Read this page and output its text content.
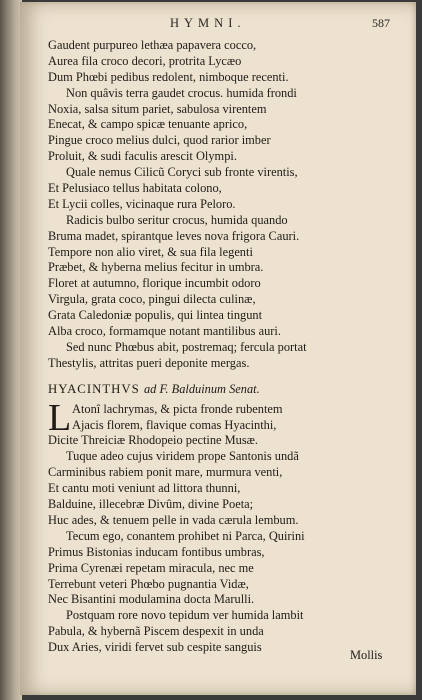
HYMNI.	587
Gaudent purpureo lethæa papavera cocco,
Aurea fila croco decori, protrita Lycæo
Dum Phœbi pedibus redolent, nimboque recenti.
Non quâvis terra gaudet crocus. humida frondi
Noxia, salsa situm pariet, sabulosa virentem
Enecat, & campo spicæ tenuante aprico,
Pingue croco melius dulci, quod rarior imber
Proluit, & sudi faculis arescit Olympi.
Quale nemus Cilicũ Coryci sub fronte virentis,
Et Pelusiaco tellus habitata colono,
Et Lycii colles, vicinaque rura Peloro.
Radicis bulbo seritur crocus, humida quando
Bruma madet, spirantque leves nova frigora Cauri.
Tempore non alio viret, & sua fila legenti
Præbet, & hyberna melius fecitur in umbra.
Floret at autumno, florique incumbit odoro
Virgula, grata coco, pingui dilecta culinæ,
Grata Caledoniæ populis, qui lintea tingunt
Alba croco, formamque notant mantilibus auri.
Sed nunc Phœbus abit, postremaq; fercula portat
Thestylis, attritas pueri deponite mergas.
HYACINTHVS ad F. Balduinum Senat.
L Atonî lachrymas, & picta fronde rubentem
Ajacis florem, flavique comas Hyacinthi,
Dicite Threiciæ Rhodopeio pectine Musæ.
Tuque adeo cujus viridem prope Santonis undã
Carminibus rabiem ponit mare, murmura venti,
Et cantu moti veniunt ad littora thunni,
Balduine, illecebræ Divûm, divine Poeta;
Huc ades, & tenuem pelle in vada cærula lembum.
Tecum ego, conantem prohibet ni Parca, Quirini
Primus Bistonias inducam fontibus umbras,
Prima Cyrenæi repetam miracula, nec me
Terrebunt veteri Phœbo pugnantia Vidæ,
Nec Bisantini modulamina docta Marulli.
Postquam rore novo tepidum ver humida lambit
Pabula, & hybernã Piscem despexit in unda
Dux Aries, viridi fervet sub cespite sanguis
Mollis
